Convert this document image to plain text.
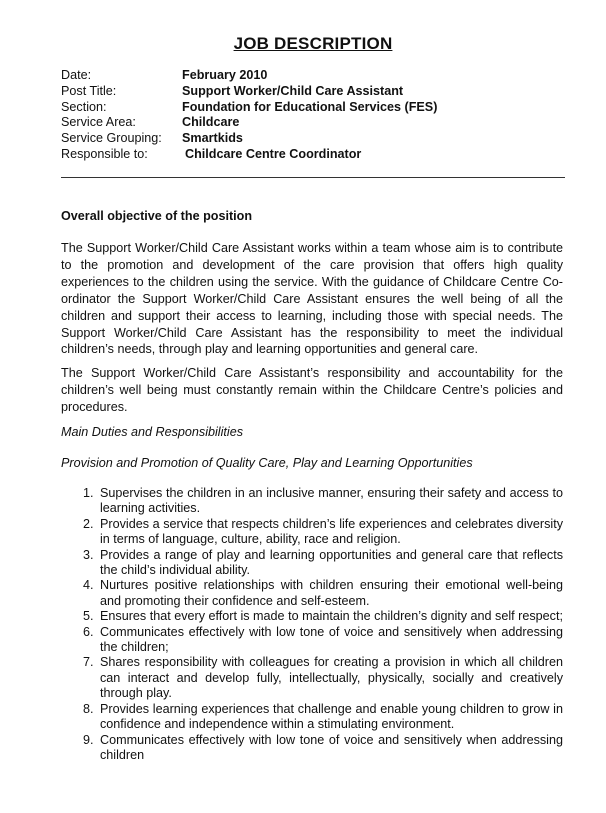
JOB DESCRIPTION
Date:	February 2010
Post Title:	Support Worker/Child Care Assistant
Section:	Foundation for Educational Services (FES)
Service Area:	Childcare
Service Grouping:	Smartkids
Responsible to:	Childcare Centre Coordinator
Overall objective of the position

The Support Worker/Child Care Assistant works within a team whose aim is to contribute to the promotion and development of the care provision that offers high quality experiences to the children using the service. With the guidance of Childcare Centre Co-ordinator the Support Worker/Child Care Assistant ensures the well being of all the children and support their access to learning, including those with special needs. The Support Worker/Child Care Assistant has the responsibility to meet the individual children’s needs, through play and learning opportunities and general care.

The Support Worker/Child Care Assistant’s responsibility and accountability for the children’s well being must constantly remain within the Childcare Centre’s policies and procedures.

Main Duties and Responsibilities
Provision and Promotion of Quality Care, Play and Learning Opportunities
1. Supervises the children in an inclusive manner, ensuring their safety and access to learning activities.
2. Provides a service that respects children’s life experiences and celebrates diversity in terms of language, culture, ability, race and religion.
3. Provides a range of play and learning opportunities and general care that reflects the child’s individual ability.
4. Nurtures positive relationships with children ensuring their emotional well-being and promoting their confidence and self-esteem.
5. Ensures that every effort is made to maintain the children’s dignity and self respect;
6. Communicates effectively with low tone of voice and sensitively when addressing the children;
7. Shares responsibility with colleagues for creating a provision in which all children can interact and develop fully, intellectually, physically, socially and creatively through play.
8. Provides learning experiences that challenge and enable young children to grow in confidence and independence within a stimulating environment.
9. Communicates effectively with low tone of voice and sensitively when addressing children
